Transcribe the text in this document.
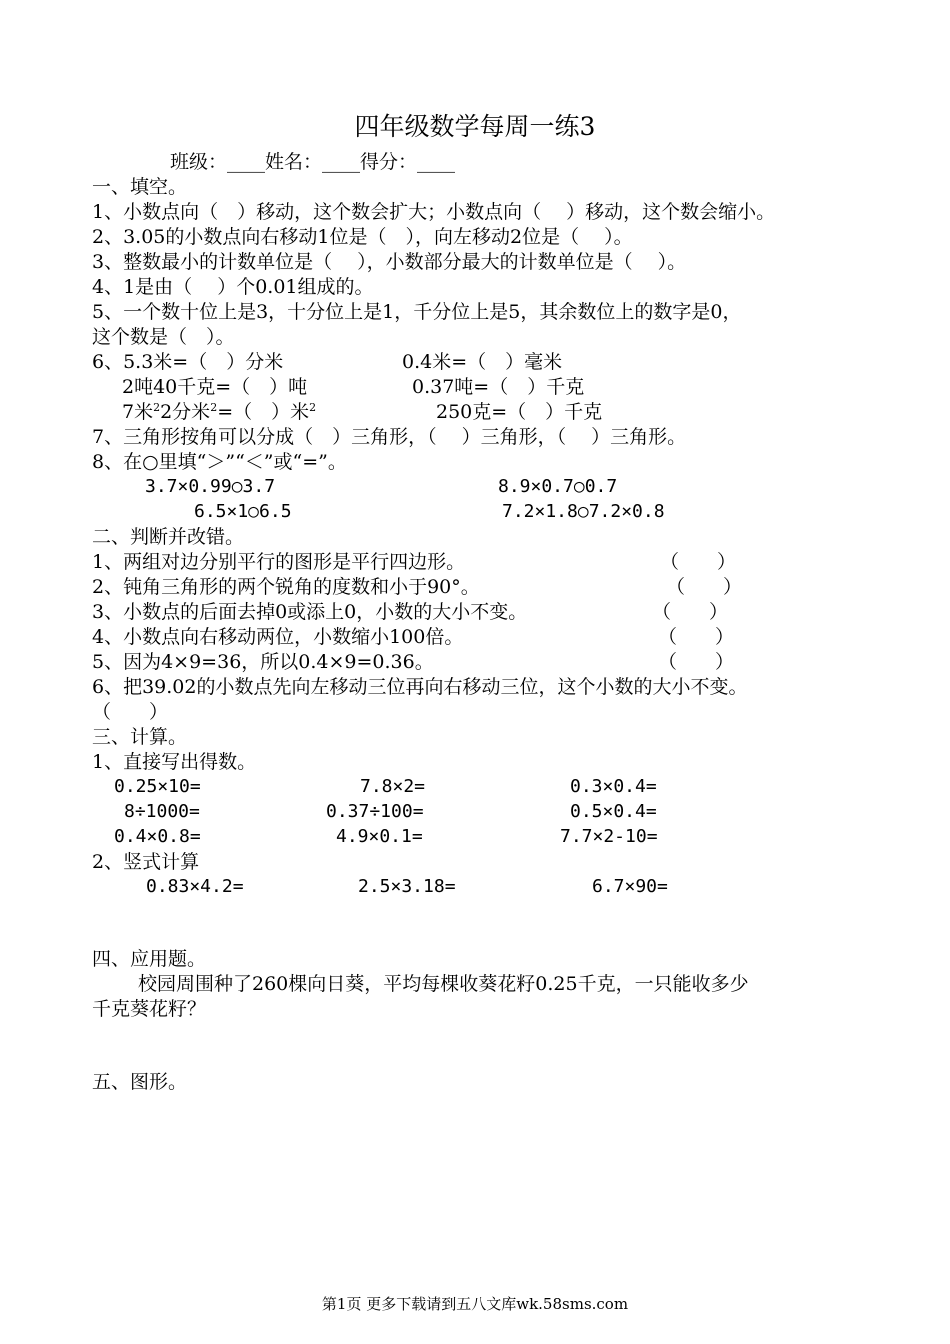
四年级数学每周一练3
班级：____姓名：____得分：____
一、填空。
1、小数点向（　）移动，这个数会扩大；小数点向（　 ）移动，这个数会缩小。
2、3.05的小数点向右移动1位是（　），向左移动2位是（　 ）。
3、整数最小的计数单位是（　 ），小数部分最大的计数单位是（　 ）。
4、1是由（　 ）个0.01组成的。
5、一个数十位上是3，十分位上是1，千分位上是5，其余数位上的数字是0，
这个数是（　）。
6、5.3米=（　）分米	0.4米=（　）毫米
2吨40千克=（　）吨	0.37吨=（　）千克
7米$^2$2分米$^2$=（　）米$^2$	250克=（　）千克
7、三角形按角可以分成（　）三角形，（　 ）三角形，（　 ）三角形。
8、在○里填“＞”“＜”或“=”。
3.7×0.99○3.7	8.9×0.7○0.7
6.5×1○6.5	7.2×1.8○7.2×0.8
二、判断并改错。
1、两组对边分别平行的图形是平行四边形。	（　　）
2、钝角三角形的两个锐角的度数和小于90°。	（　　）
3、小数点的后面去掉0或添上0，小数的大小不变。	（　　）
4、小数点向右移动两位，小数缩小100倍。	（　　）
5、因为4×9=36，所以0.4×9=0.36。	（　　）
6、把39.02的小数点先向左移动三位再向右移动三位，这个小数的大小不变。
（　　）
三、计算。
1、直接写出得数。
0.25×10=	7.8×2=	0.3×0.4=
8÷1000=	0.37÷100=	0.5×0.4=
0.4×0.8=	4.9×0.1=	7.7×2-10=
2、竖式计算
0.83×4.2=	2.5×3.18=	6.7×90=
四、应用题。
校园周围种了260棵向日葵，平均每棵收葵花籽0.25千克，一只能收多少
千克葵花籽？
五、图形。
第1页 更多下载请到五八文库wk.58sms.com
